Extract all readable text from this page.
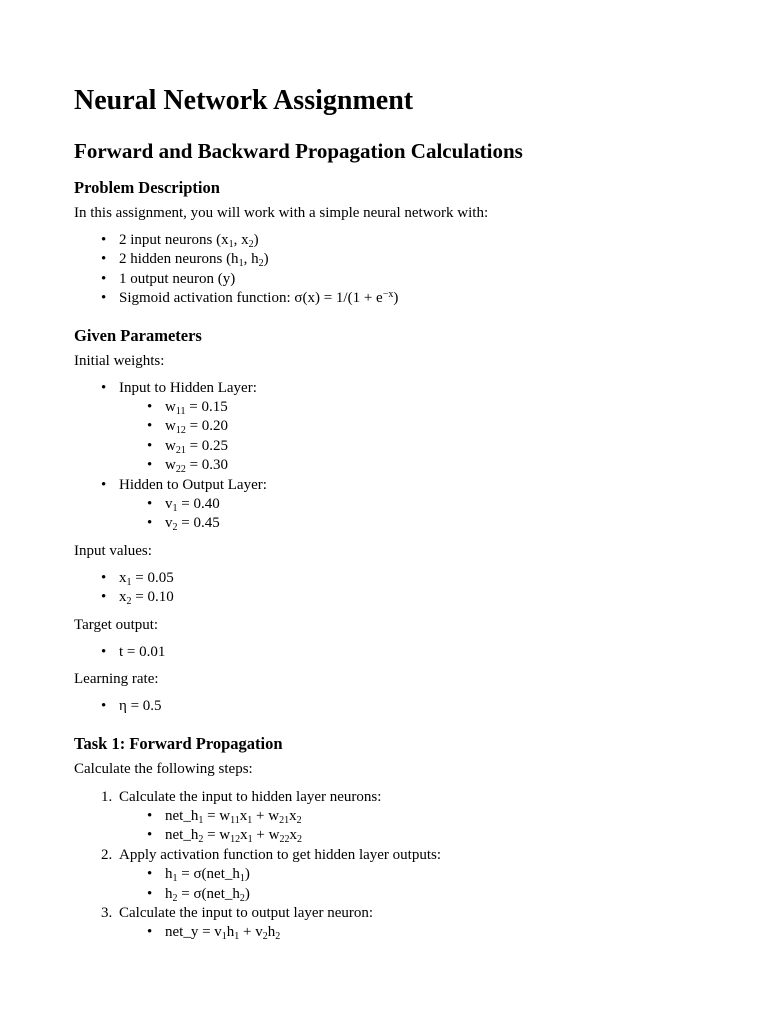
Neural Network Assignment
Forward and Backward Propagation Calculations
Problem Description

In this assignment, you will work with a simple neural network with:

• 2 input neurons ($x_1$, $x_2$)
• 2 hidden neurons ($h_1$, $h_2$)
• 1 output neuron (y)
• Sigmoid activation function: $\sigma(x) = 1/(1 + e^{-x})$
Given Parameters

Initial weights:

• Input to Hidden Layer:
• $w_{11} = 0.15$
• $w_{12} = 0.20$
• $w_{21} = 0.25$
• $w_{22} = 0.30$
• Hidden to Output Layer:
• $v_1 = 0.40$
• $v_2 = 0.45$

Input values:

• $x_1 = 0.05$
• $x_2 = 0.10$

Target output:

• t = 0.01

Learning rate:

• η = 0.5
Task 1: Forward Propagation

Calculate the following steps:

1. Calculate the input to hidden layer neurons:
• $net\_h_1 = w_{11}x_1 + w_{21}x_2$
• $net\_h_2 = w_{12}x_1 + w_{22}x_2$
2. Apply activation function to get hidden layer outputs:
• $h_1$ = $\sigma(net\_h_1)$
• $h_2$ = $\sigma(net\_h_2)$
3. Calculate the input to output layer neuron:
• net_y = $v_1h_1 + v_2h_2$
